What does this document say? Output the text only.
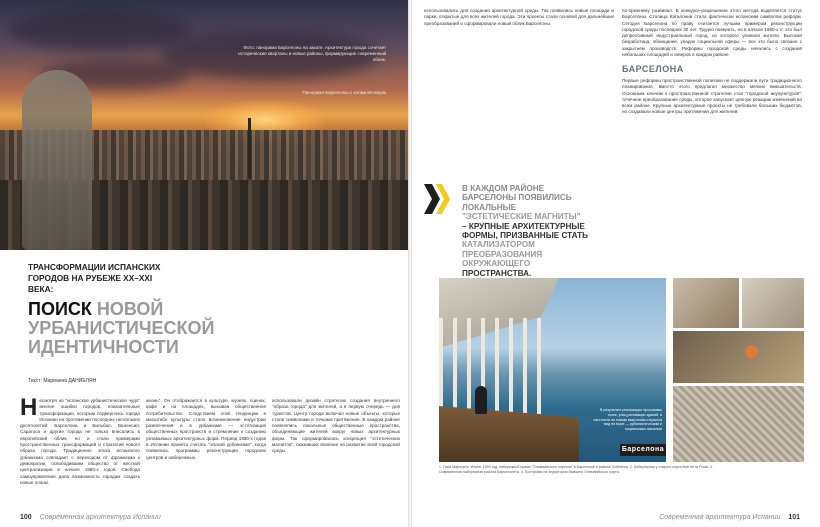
Фото: панорама Барселоны на закате. Архитектура города сочетает исторические кварталы и новые районы, формирующие современный облик.
Панорама Барселоны с холма Монжуик
ТРАНСФОРМАЦИИ ИСПАНСКИХ ГОРОДОВ НА РУБЕЖЕ XX–XXI ВЕКА:
ПОИСК НОВОЙ УРБАНИСТИЧЕСКОЙ
ИДЕНТИЧНОСТИ
Текст: Марианна ДАНИЕЛЯН
Несмотря на "испанское урбанистическое чудо" многие ошибки городов, показательные трансформации, которым подверглись города Испании на протяжении последних нескольких десятилетий: Барселона и Бильбао, Валенсия, Сарагоса и другие города не только вписались в европейский облик, но и стали примерами пространственных трансформаций и стратегий нового образа города. Традиционно эпоха испанского урбанизма совпадает с переходом от франкизма к демократии, освободившим общество от жесткой централизации в начале 1980-х годов. Свобода самоуправления дала возможность городам создать новые планы.
жизнь". Он отображается в культуре, музеях, сценах, кафе и на площадях, вызывая общественное потребительство. Следствием этой тенденции в масштабе культуры стало возникновение индустрии развлечения и в урбанизме — эстетизация общественных пространств и стремление к созданию узнаваемых архитектурных форм. Период 1980-х годов в Испании принято считать "эпохой урбанизма", когда появились программы реконструкции городских центров и набережных.
использовали дизайн стратегию создания внутреннего "образа города" для жителей, а в первую очередь — для туристов. Центр города включал новые объекты, которые стали символами и точками притяжения. В каждом районе появлялись локальные общественные пространства, объединяющие жителей вокруг новых архитектурных форм. Так сформировалась концепция "эстетических магнитов", оказавших влияние на развитие всей городской среды.
100 Современная архитектура Испании
использовались для создания архитектурной среды. Так появились новые площади и парки, открытые для всех жителей города. Эти проекты стали основой для дальнейших преобразований и сформировали новый облик Барселоны.
по-прежнему развивал. В конкурсе-разрешении этого метода выделяется статус Барселоны. Столица Каталонии стала фактически испанским символом реформ. Сегодня Барселона по праву считается лучшим примером реконструкции городской среды последних 30 лет. Трудно поверить, но в начале 1980-х гг. это был депрессивный индустриальный город, из которого уезжали жители. Высокая безработица, обнищание, упадок социальной сферы — все это было связано с закрытием производств. Реформы городской среды начались с создания небольших площадей и скверов в каждом районе.
БАРСЕЛОНА
Первые реформы пространственной политики не поддержали пути традиционного планирования, вместо этого предлагая множество мелких вмешательств. Основным ключом к пространственной стратегии стал "городской акупунктурой": точечное преобразование среды, которое запускает цепную реакцию изменений во всем районе. Крупные архитектурные проекты не требовали больших бюджетов, но создавали новые центры притяжения для жителей.
В КАЖДОМ РАЙОНЕ БАРСЕЛОНЫ ПОЯВИЛИСЬ ЛОКАЛЬНЫЕ
"ЭСТЕТИЧЕСКИЕ МАГНИТЫ"
– КРУПНЫЕ АРХИТЕКТУРНЫЕ ФОРМЫ, ПРИЗВАННЫЕ СТАТЬ КАТАЛИЗАТОРОМ ПРЕОБРАЗОВАНИЯ ОКРУЖАЮЩЕГО ПРОСТРАНСТВА.
В результате реализации программы точек, улиц реновации зданий, в частности по новым кварталам открылся вид на море — урбанистическим и социальным смыслом
Барселона
1. Парк Марпорта: Изоля, 1990 год, набережной прямо "Олимпийского портала" в Барселоне и районе Побленоу. 2. Набережная у старого порта Moll de la Fusta. 3. Современная набережная района Барселонета. 4. Постройки на территории бывшего Олимпийского порта.
Современная архитектура Испании 101
